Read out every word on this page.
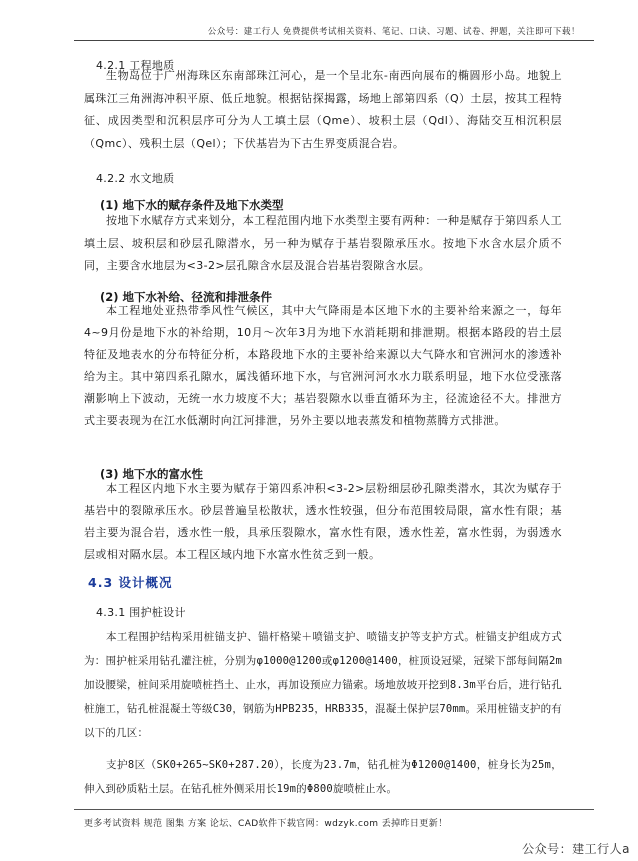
公众号：建工行人 免费提供考试相关资料、笔记、口诀、习题、试卷、押题，关注即可下载！
4.2.1 工程地质

生物岛位于广州海珠区东南部珠江河心，是一个呈北东-南西向展布的椭圆形小岛。地貌上属珠江三角洲海冲积平原、低丘地貌。根据钻探揭露，场地上部第四系（Q）土层，按其工程特征、成因类型和沉积层序可分为人工填土层（Qme）、坡积土层（Qdl）、海陆交互相沉积层（Qmc）、残积土层（Qel）；下伏基岩为下古生界变质混合岩。

4.2.2 水文地质
(1) 地下水的赋存条件及地下水类型

按地下水赋存方式来划分，本工程范围内地下水类型主要有两种：一种是赋存于第四系人工填土层、坡积层和砂层孔隙潜水，另一种为赋存于基岩裂隙承压水。按地下水含水层介质不同，主要含水地层为<3-2>层孔隙含水层及混合岩基岩裂隙含水层。

(2) 地下水补给、径流和排泄条件

本工程地处亚热带季风性气候区，其中大气降雨是本区地下水的主要补给来源之一，每年4~9月份是地下水的补给期，10月～次年3月为地下水消耗期和排泄期。根据本路段的岩土层特征及地表水的分布特征分析，本路段地下水的主要补给来源以大气降水和官洲河水的渗透补给为主。其中第四系孔隙水，属浅循环地下水，与官洲河河水水力联系明显，地下水位受涨落潮影响上下波动，无统一水力坡度不大；基岩裂隙水以垂直循环为主，径流途径不大。排泄方式主要表现为在江水低潮时向江河排泄，另外主要以地表蒸发和植物蒸腾方式排泄。

(3) 地下水的富水性

本工程区内地下水主要为赋存于第四系冲积<3-2>层粉细层砂孔隙类潜水，其次为赋存于基岩中的裂隙承压水。砂层普遍呈松散状，透水性较强，但分布范围较局限，富水性有限；基岩主要为混合岩，透水性一般，具承压裂隙水，富水性有限，透水性差，富水性弱，为弱透水层或相对隔水层。本工程区域内地下水富水性贫乏到一般。

4.3 设计概况
4.3.1 围护桩设计

本工程围护结构采用桩锚支护、锚杆格梁＋喷锚支护、喷锚支护等支护方式。桩锚支护组成方式为：围护桩采用钻孔灌注桩，分别为φ1000@1200或φ1200@1400，桩顶设冠梁，冠梁下部每间隔2m加设腰梁，桩间采用旋喷桩挡土、止水，再加设预应力锚索。场地放坡开挖到8.3m平台后，进行钻孔桩施工，钻孔桩混凝土等级C30，钢筋为HPB235，HRB335，混凝土保护层70mm。采用桩锚支护的有以下的几区：

支护8区（SK0+265~SK0+287.20），长度为23.7m，钻孔桩为Φ1200@1400，桩身长为25m，伸入到砂质粘土层。在钻孔桩外侧采用长19m的Φ800旋喷桩止水。

更多考试资料 规范 图集 方案 论坛、CAD软件下载官网：wdzyk.com 丢掉昨日更新！
公众号：建工行人a
